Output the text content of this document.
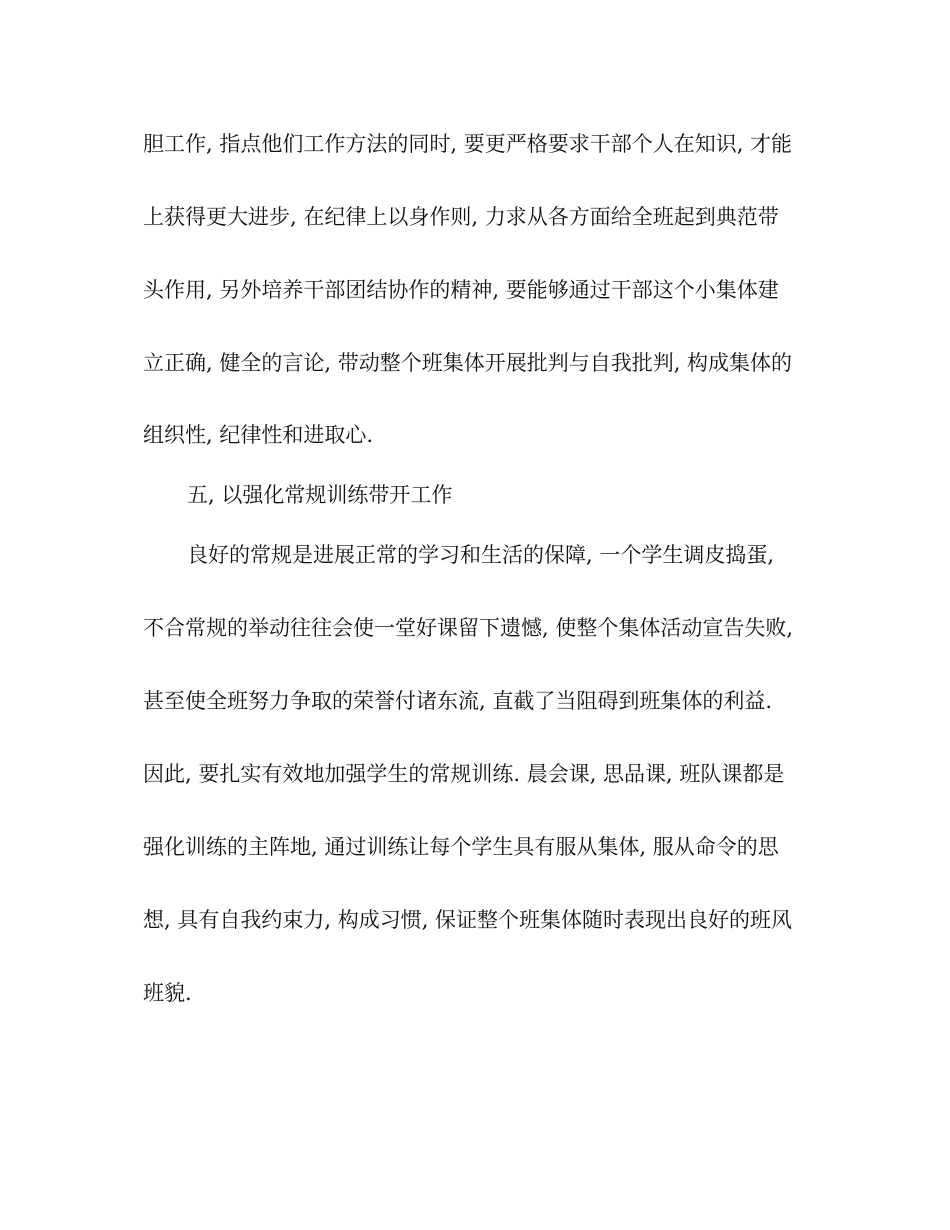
胆工作, 指点他们工作方法的同时, 要更严格要求干部个人在知识, 才能
上获得更大进步, 在纪律上以身作则, 力求从各方面给全班起到典范带
头作用, 另外培养干部团结协作的精神, 要能够通过干部这个小集体建
立正确, 健全的言论, 带动整个班集体开展批判与自我批判, 构成集体的
组织性, 纪律性和进取心.
五, 以强化常规训练带开工作
良好的常规是进展正常的学习和生活的保障, 一个学生调皮捣蛋,
不合常规的举动往往会使一堂好课留下遗憾, 使整个集体活动宣告失败,
甚至使全班努力争取的荣誉付诸东流, 直截了当阻碍到班集体的利益.
因此, 要扎实有效地加强学生的常规训练. 晨会课, 思品课, 班队课都是
强化训练的主阵地, 通过训练让每个学生具有服从集体, 服从命令的思
想, 具有自我约束力, 构成习惯, 保证整个班集体随时表现出良好的班风
班貌.
